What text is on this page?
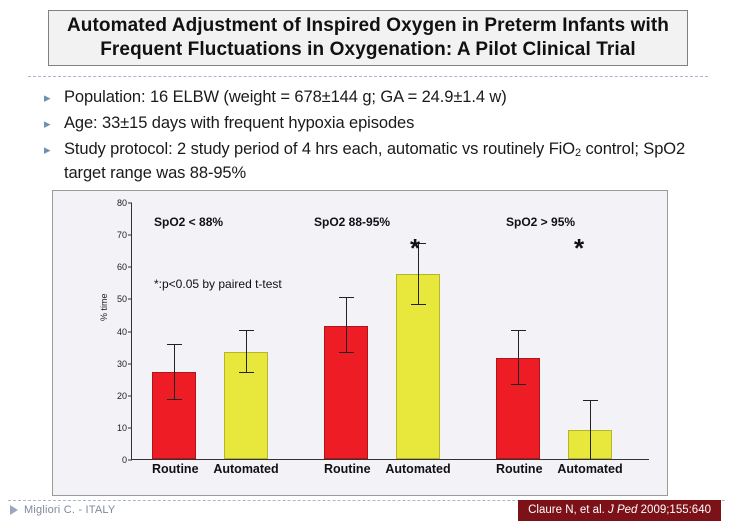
Automated Adjustment of Inspired Oxygen in Preterm Infants with Frequent Fluctuations in Oxygenation: A Pilot Clinical Trial
▸ Population: 16 ELBW (weight = 678±144 g; GA = 24.9±1.4 w)
▸ Age: 33±15 days with frequent hypoxia episodes
▸ Study protocol: 2 study period of 4 hrs each, automatic vs routinely FiO$_2$ control; SpO2 target range was 88-95%
% time
0
10
20
30
40
50
60
70
80
Routine Automated	Routine Automated	Routine Automated
SpO2 < 88%	SpO2 88-95%	SpO2 > 95%
*	*
*:p<0.05 by paired t-test
Migliori C. - ITALY	Claure N, et al. J Ped 2009;155:640
